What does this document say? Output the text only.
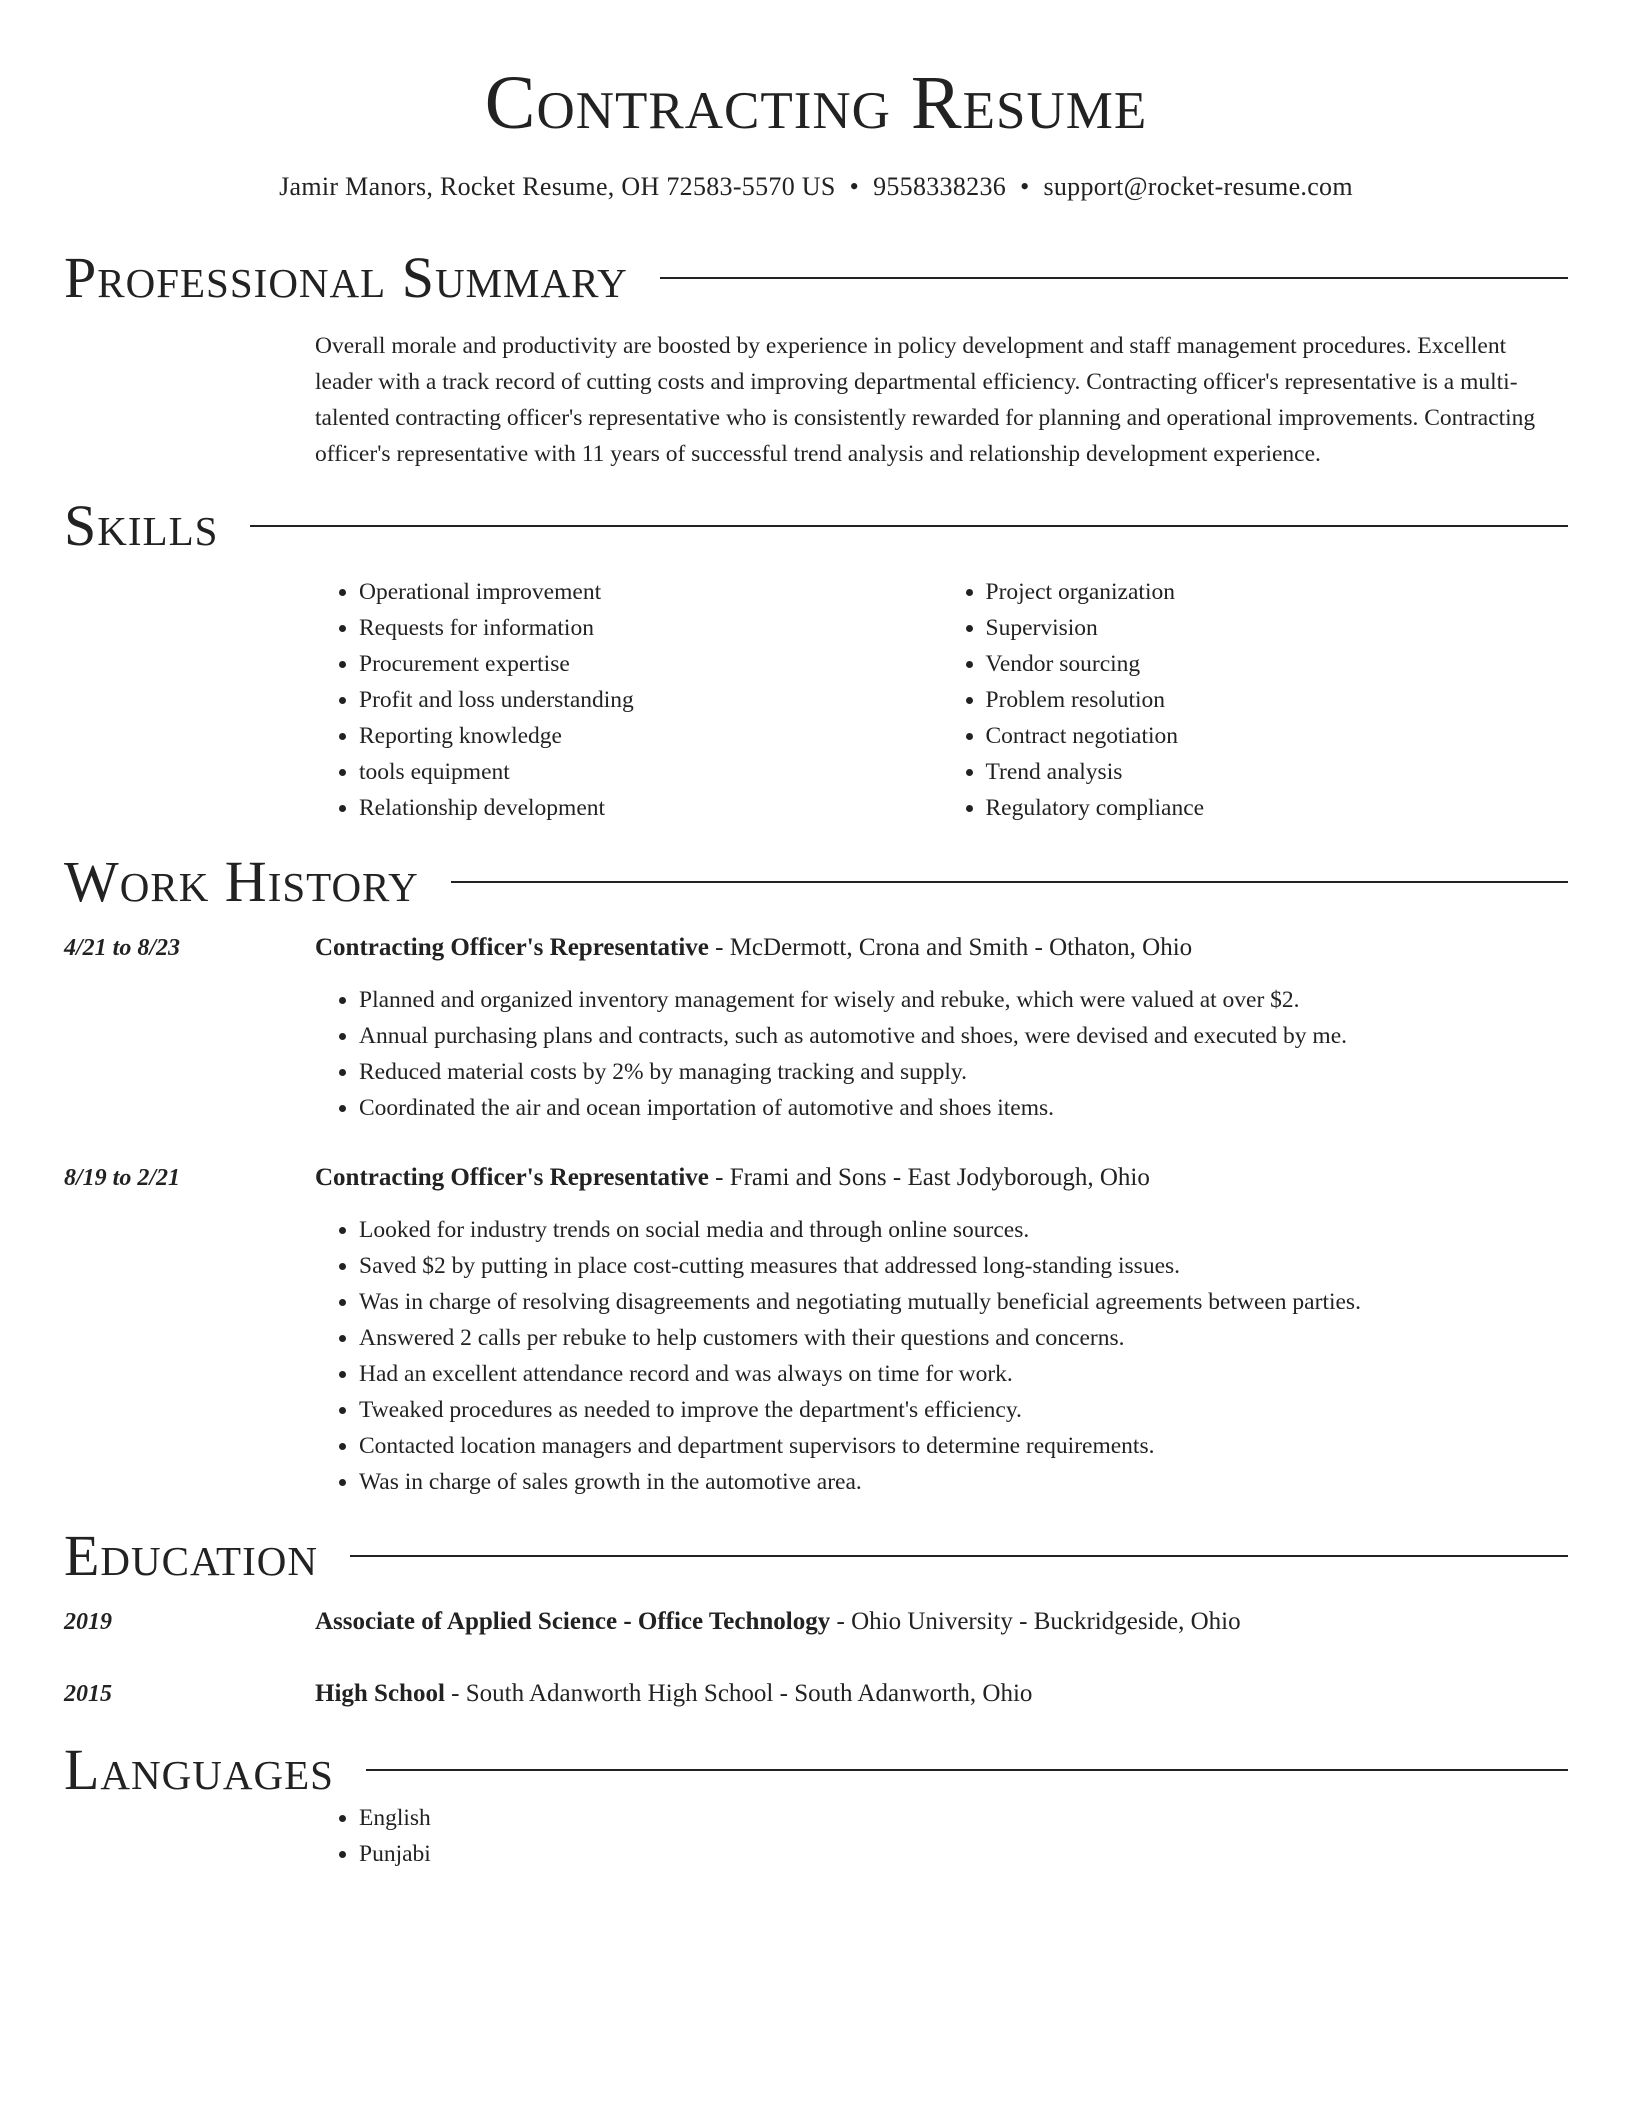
Contracting Resume
Jamir Manors, Rocket Resume, OH 72583-5570 US • 9558338236 • support@rocket-resume.com
Professional Summary

Overall morale and productivity are boosted by experience in policy development and staff management procedures. Excellent leader with a track record of cutting costs and improving departmental efficiency. Contracting officer's representative is a multi-talented contracting officer's representative who is consistently rewarded for planning and operational improvements. Contracting officer's representative with 11 years of successful trend analysis and relationship development experience.

Skills
• Operational improvement
• Requests for information
• Procurement expertise
• Profit and loss understanding
• Reporting knowledge
• tools equipment
• Relationship development
• Project organization
• Supervision
• Vendor sourcing
• Problem resolution
• Contract negotiation
• Trend analysis
• Regulatory compliance
Work History
4/21 to 8/23	Contracting Officer's Representative - McDermott, Crona and Smith - Othaton, Ohio
• Planned and organized inventory management for wisely and rebuke, which were valued at over $2.
• Annual purchasing plans and contracts, such as automotive and shoes, were devised and executed by me.
• Reduced material costs by 2% by managing tracking and supply.
• Coordinated the air and ocean importation of automotive and shoes items.
8/19 to 2/21	Contracting Officer's Representative - Frami and Sons - East Jodyborough, Ohio
• Looked for industry trends on social media and through online sources.
• Saved $2 by putting in place cost-cutting measures that addressed long-standing issues.
• Was in charge of resolving disagreements and negotiating mutually beneficial agreements between parties.
• Answered 2 calls per rebuke to help customers with their questions and concerns.
• Had an excellent attendance record and was always on time for work.
• Tweaked procedures as needed to improve the department's efficiency.
• Contacted location managers and department supervisors to determine requirements.
• Was in charge of sales growth in the automotive area.
Education
2019	Associate of Applied Science - Office Technology - Ohio University - Buckridgeside, Ohio
2015	High School - South Adanworth High School - South Adanworth, Ohio
Languages
• English
• Punjabi
